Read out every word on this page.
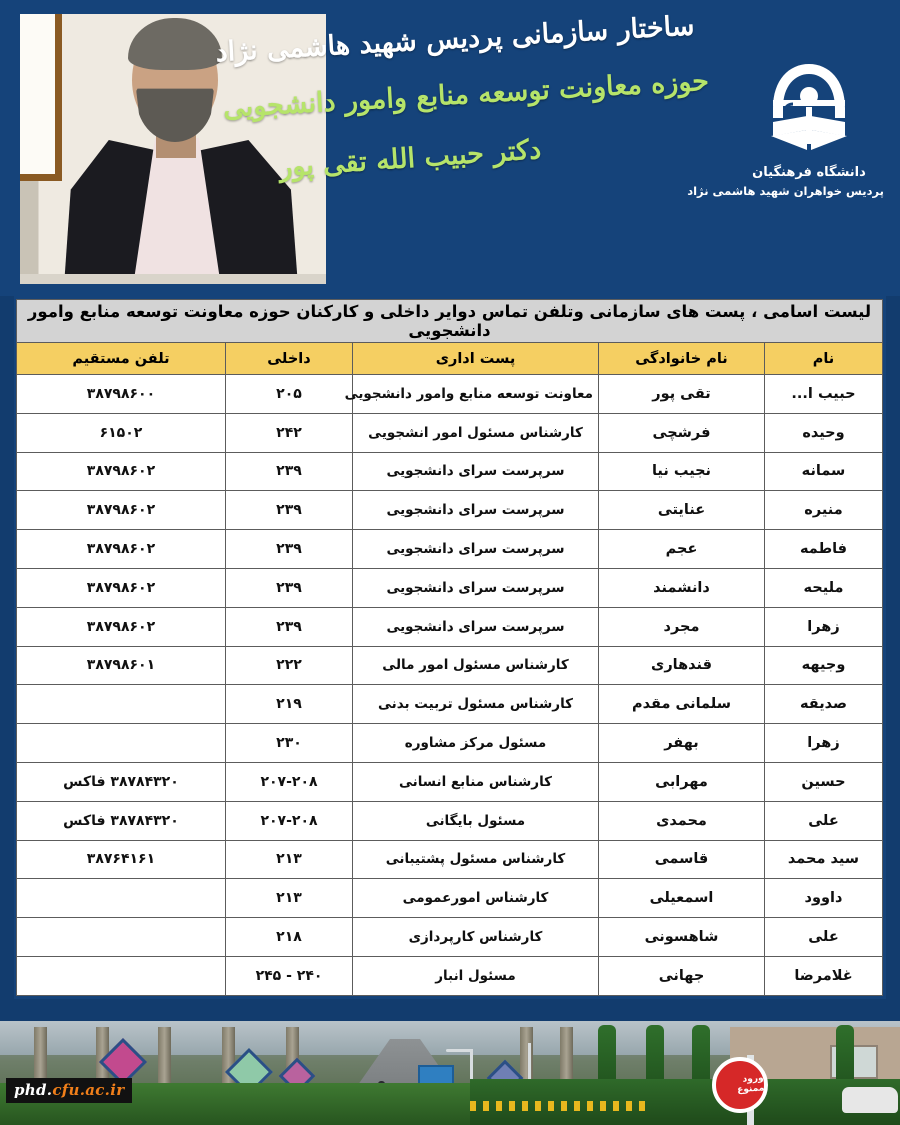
ساختار سازمانی پردیس شهید هاشمی نژاد
حوزه معاونت توسعه منابع وامور دانشجویی
دکتر حبیب الله تقی پور	دانشگاه فرهنگیان
پردیس خواهران شهید هاشمی نژاد
لیست اسامی ، پست های سازمانی وتلفن تماس دوایر داخلی و کارکنان حوزه معاونت توسعه منابع وامور دانشجویی				
نام	نام خانوادگی	پست اداری	داخلی	تلفن مستقیم
حبیب ا...	تقی پور	معاونت توسعه منابع وامور دانشجویی	۲۰۵	۳۸۷۹۸۶۰۰
وحیده	فرشچی	کارشناس مسئول امور انشجویی	۲۴۲	۶۱۵۰۲
سمانه	نجیب نیا	سرپرست سرای دانشجویی	۲۳۹	۳۸۷۹۸۶۰۲
منیره	عنایتی	سرپرست سرای دانشجویی	۲۳۹	۳۸۷۹۸۶۰۲
فاطمه	عجم	سرپرست سرای دانشجویی	۲۳۹	۳۸۷۹۸۶۰۲
ملیحه	دانشمند	سرپرست سرای دانشجویی	۲۳۹	۳۸۷۹۸۶۰۲
زهرا	مجرد	سرپرست سرای دانشجویی	۲۳۹	۳۸۷۹۸۶۰۲
وجیهه	قندهاری	کارشناس مسئول امور مالی	۲۲۲	۳۸۷۹۸۶۰۱
صدیقه	سلمانی مقدم	کارشناس مسئول تربیت بدنی	۲۱۹	
زهرا	بهفر	مسئول مرکز مشاوره	۲۳۰	
حسین	مهرابی	کارشناس منابع انسانی	۲۰۷-۲۰۸	۳۸۷۸۴۳۲۰ فاکس
علی	محمدی	مسئول بایگانی	۲۰۷-۲۰۸	۳۸۷۸۴۳۲۰ فاکس
سید محمد	قاسمی	کارشناس مسئول پشتیبانی	۲۱۳	۳۸۷۶۴۱۶۱
داوود	اسمعیلی	کارشناس امورعمومی	۲۱۳	
علی	شاهسونی	کارشناس کارپردازی	۲۱۸	
غلامرضا	جهانی	مسئول انبار	۲۴۰ - ۲۴۵	
ورود ممنوع
phd.cfu.ac.ir
